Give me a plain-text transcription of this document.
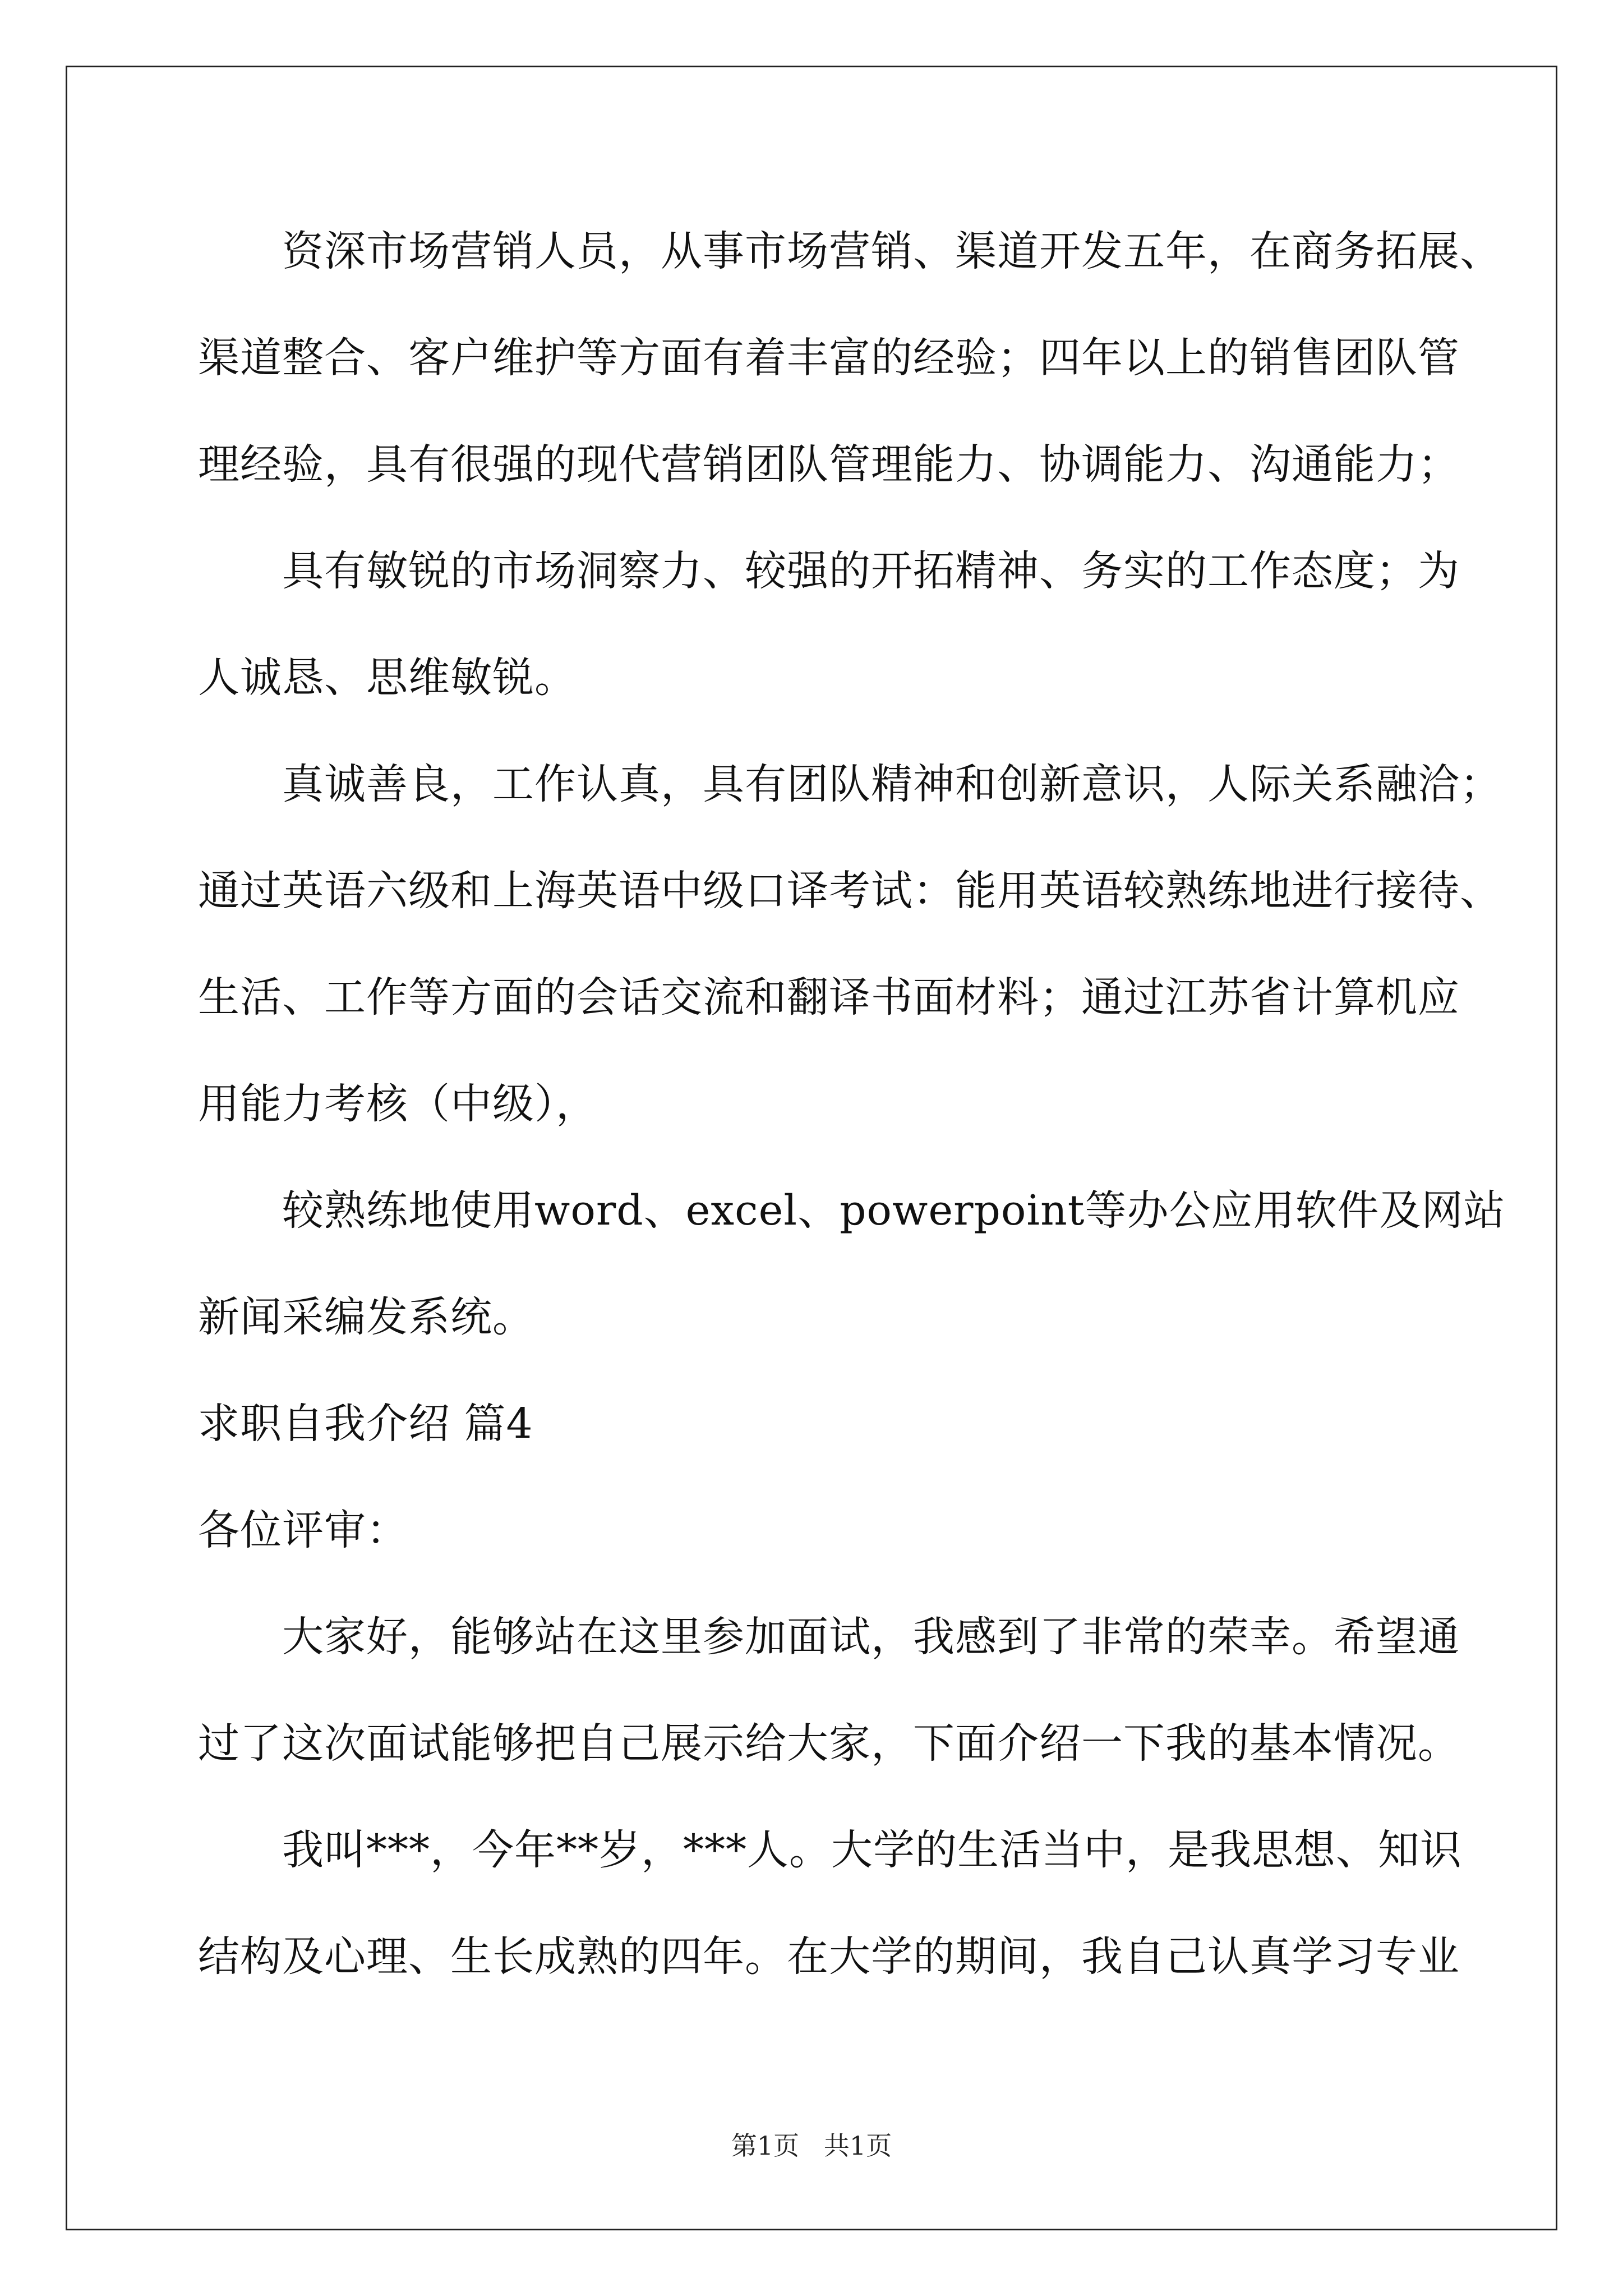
资深市场营销人员，从事市场营销、渠道开发五年，在商务拓展、
渠道整合、客户维护等方面有着丰富的经验；四年以上的销售团队管
理经验，具有很强的现代营销团队管理能力、协调能力、沟通能力；
具有敏锐的市场洞察力、较强的开拓精神、务实的工作态度；为
人诚恳、思维敏锐。
真诚善良，工作认真，具有团队精神和创新意识，人际关系融洽；
通过英语六级和上海英语中级口译考试：能用英语较熟练地进行接待、
生活、工作等方面的会话交流和翻译书面材料；通过江苏省计算机应
用能力考核（中级），
较熟练地使用word、excel、powerpoint等办公应用软件及网站
新闻采编发系统。
求职自我介绍 篇4
各位评审：
大家好，能够站在这里参加面试，我感到了非常的荣幸。希望通
过了这次面试能够把自己展示给大家，下面介绍一下我的基本情况。
我叫***，今年**岁，***人。大学的生活当中，是我思想、知识
结构及心理、生长成熟的四年。在大学的期间，我自己认真学习专业
第1页   共1页
